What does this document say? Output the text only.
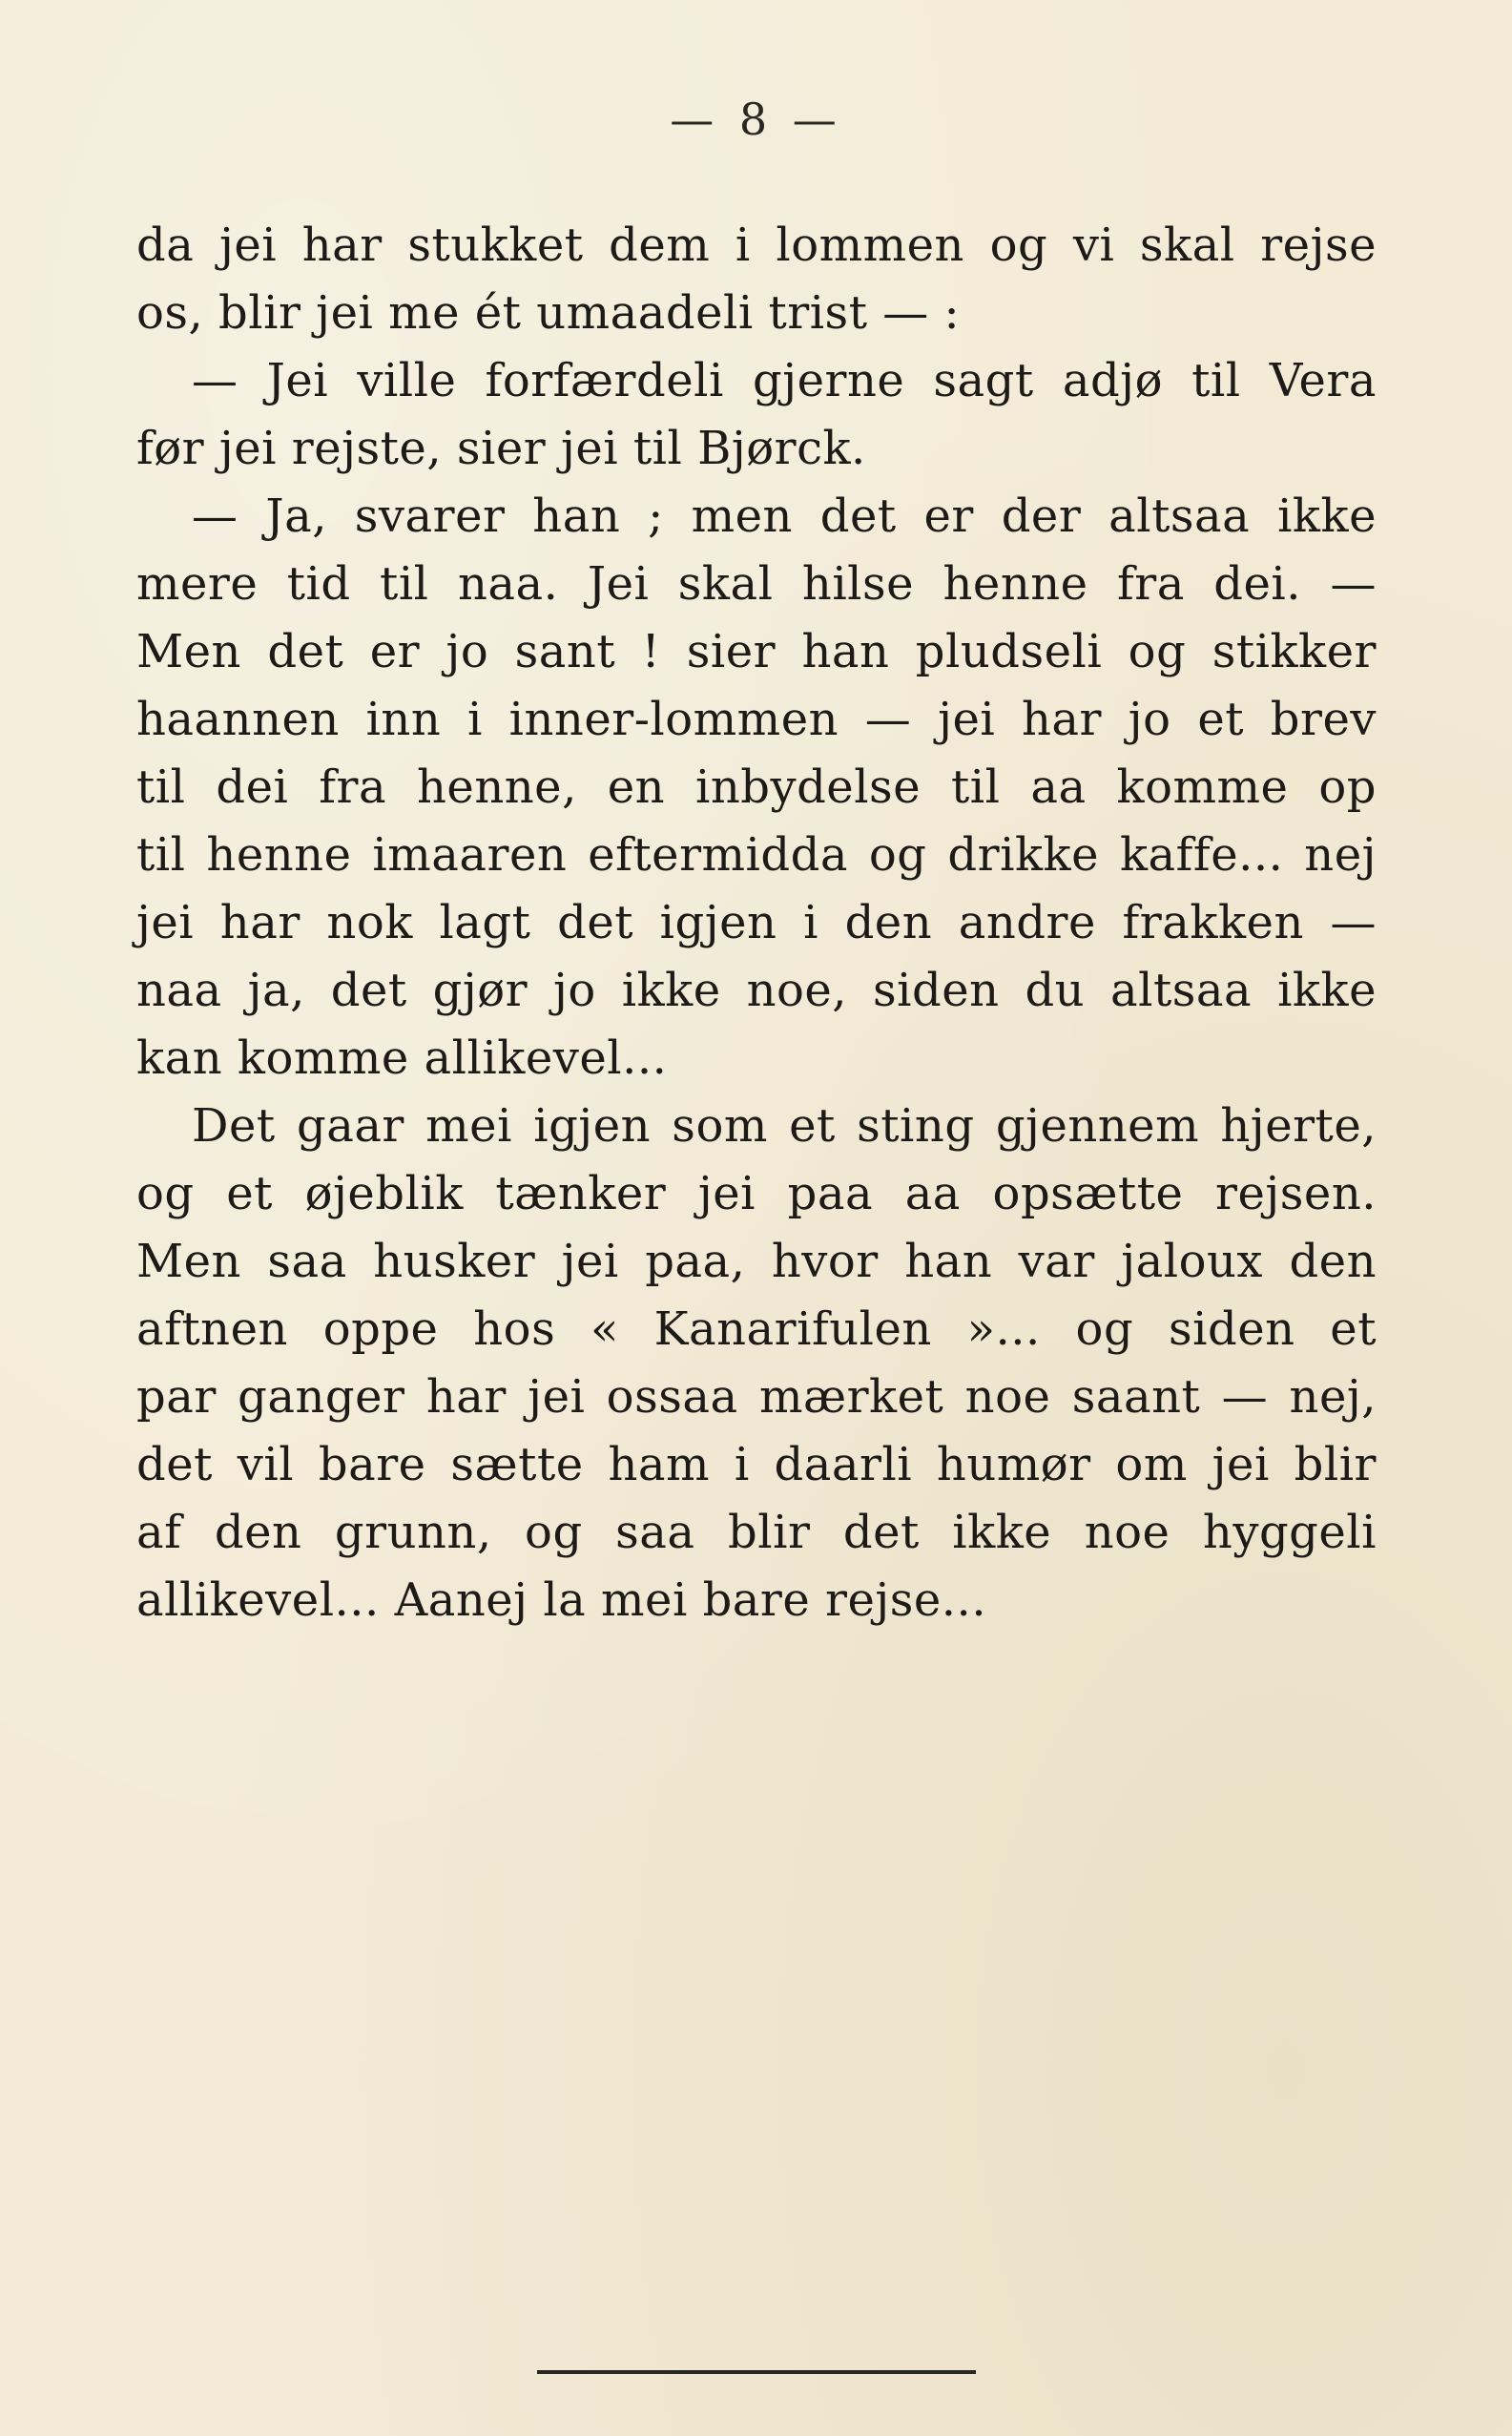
— 8 —
da jei har stukket dem i lommen og vi skal rejse
os, blir jei me ét umaadeli trist — :
— Jei ville forfærdeli gjerne sagt adjø til Vera
før jei rejste, sier jei til Bjørck.
— Ja, svarer han ; men det er der altsaa ikke
mere tid til naa. Jei skal hilse henne fra dei. —
Men det er jo sant ! sier han pludseli og stikker
haannen inn i inner-lommen — jei har jo et brev
til dei fra henne, en inbydelse til aa komme op
til henne imaaren eftermidda og drikke kaffe... nej
jei har nok lagt det igjen i den andre frakken —
naa ja, det gjør jo ikke noe, siden du altsaa ikke
kan komme allikevel...
Det gaar mei igjen som et sting gjennem hjerte,
og et øjeblik tænker jei paa aa opsætte rejsen.
Men saa husker jei paa, hvor han var jaloux den
aftnen oppe hos « Kanarifulen »... og siden et
par ganger har jei ossaa mærket noe saant — nej,
det vil bare sætte ham i daarli humør om jei blir
af den grunn, og saa blir det ikke noe hyggeli
allikevel... Aanej la mei bare rejse...
